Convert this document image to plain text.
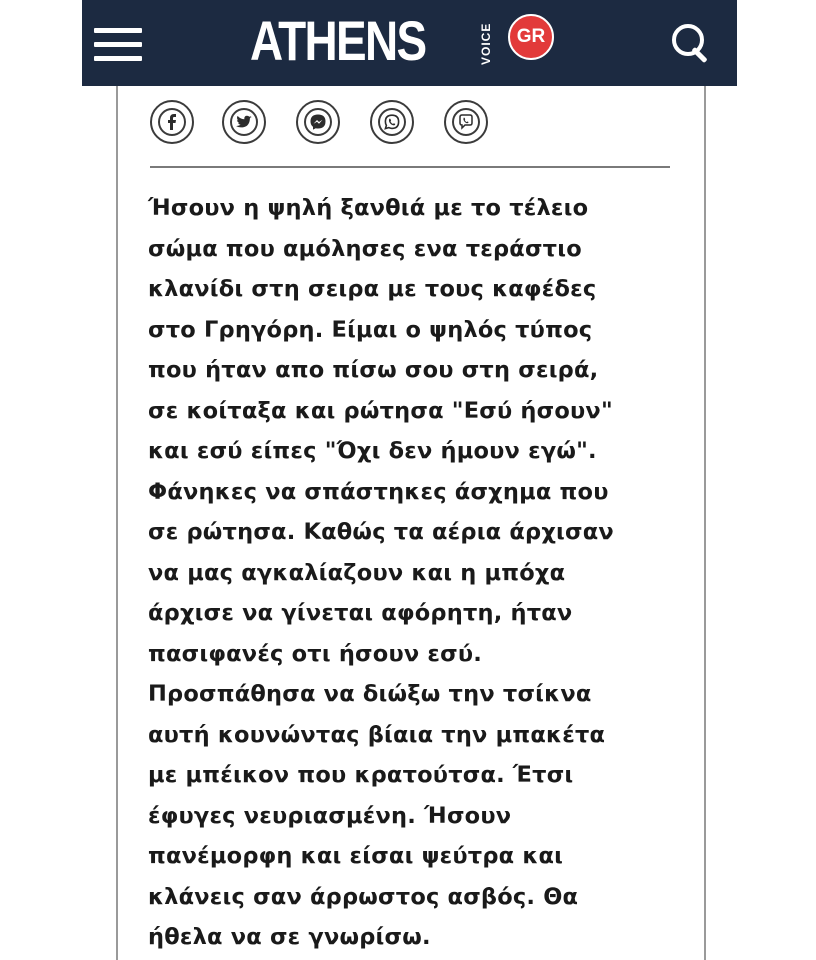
ATHENS	VOICE	GR
Ήσουν η ψηλή ξανθιά με το τέλειο
σώμα που αμόλησες ενα τεράστιο
κλανίδι στη σειρα με τους καφέδες
στο Γρηγόρη. Είμαι ο ψηλός τύπος
που ήταν απο πίσω σου στη σειρά,
σε κοίταξα και ρώτησα "Εσύ ήσουν"
και εσύ είπες "Όχι δεν ήμουν εγώ".
Φάνηκες να σπάστηκες άσχημα που
σε ρώτησα. Καθώς τα αέρια άρχισαν
να μας αγκαλίαζουν και η μπόχα
άρχισε να γίνεται αφόρητη, ήταν
πασιφανές οτι ήσουν εσύ.
Προσπάθησα να διώξω την τσίκνα
αυτή κουνώντας βίαια την μπακέτα
με μπέικον που κρατούτσα. Έτσι
έφυγες νευριασμένη. Ήσουν
πανέμορφη και είσαι ψεύτρα και
κλάνεις σαν άρρωστος ασβός. Θα
ήθελα να σε γνωρίσω.
